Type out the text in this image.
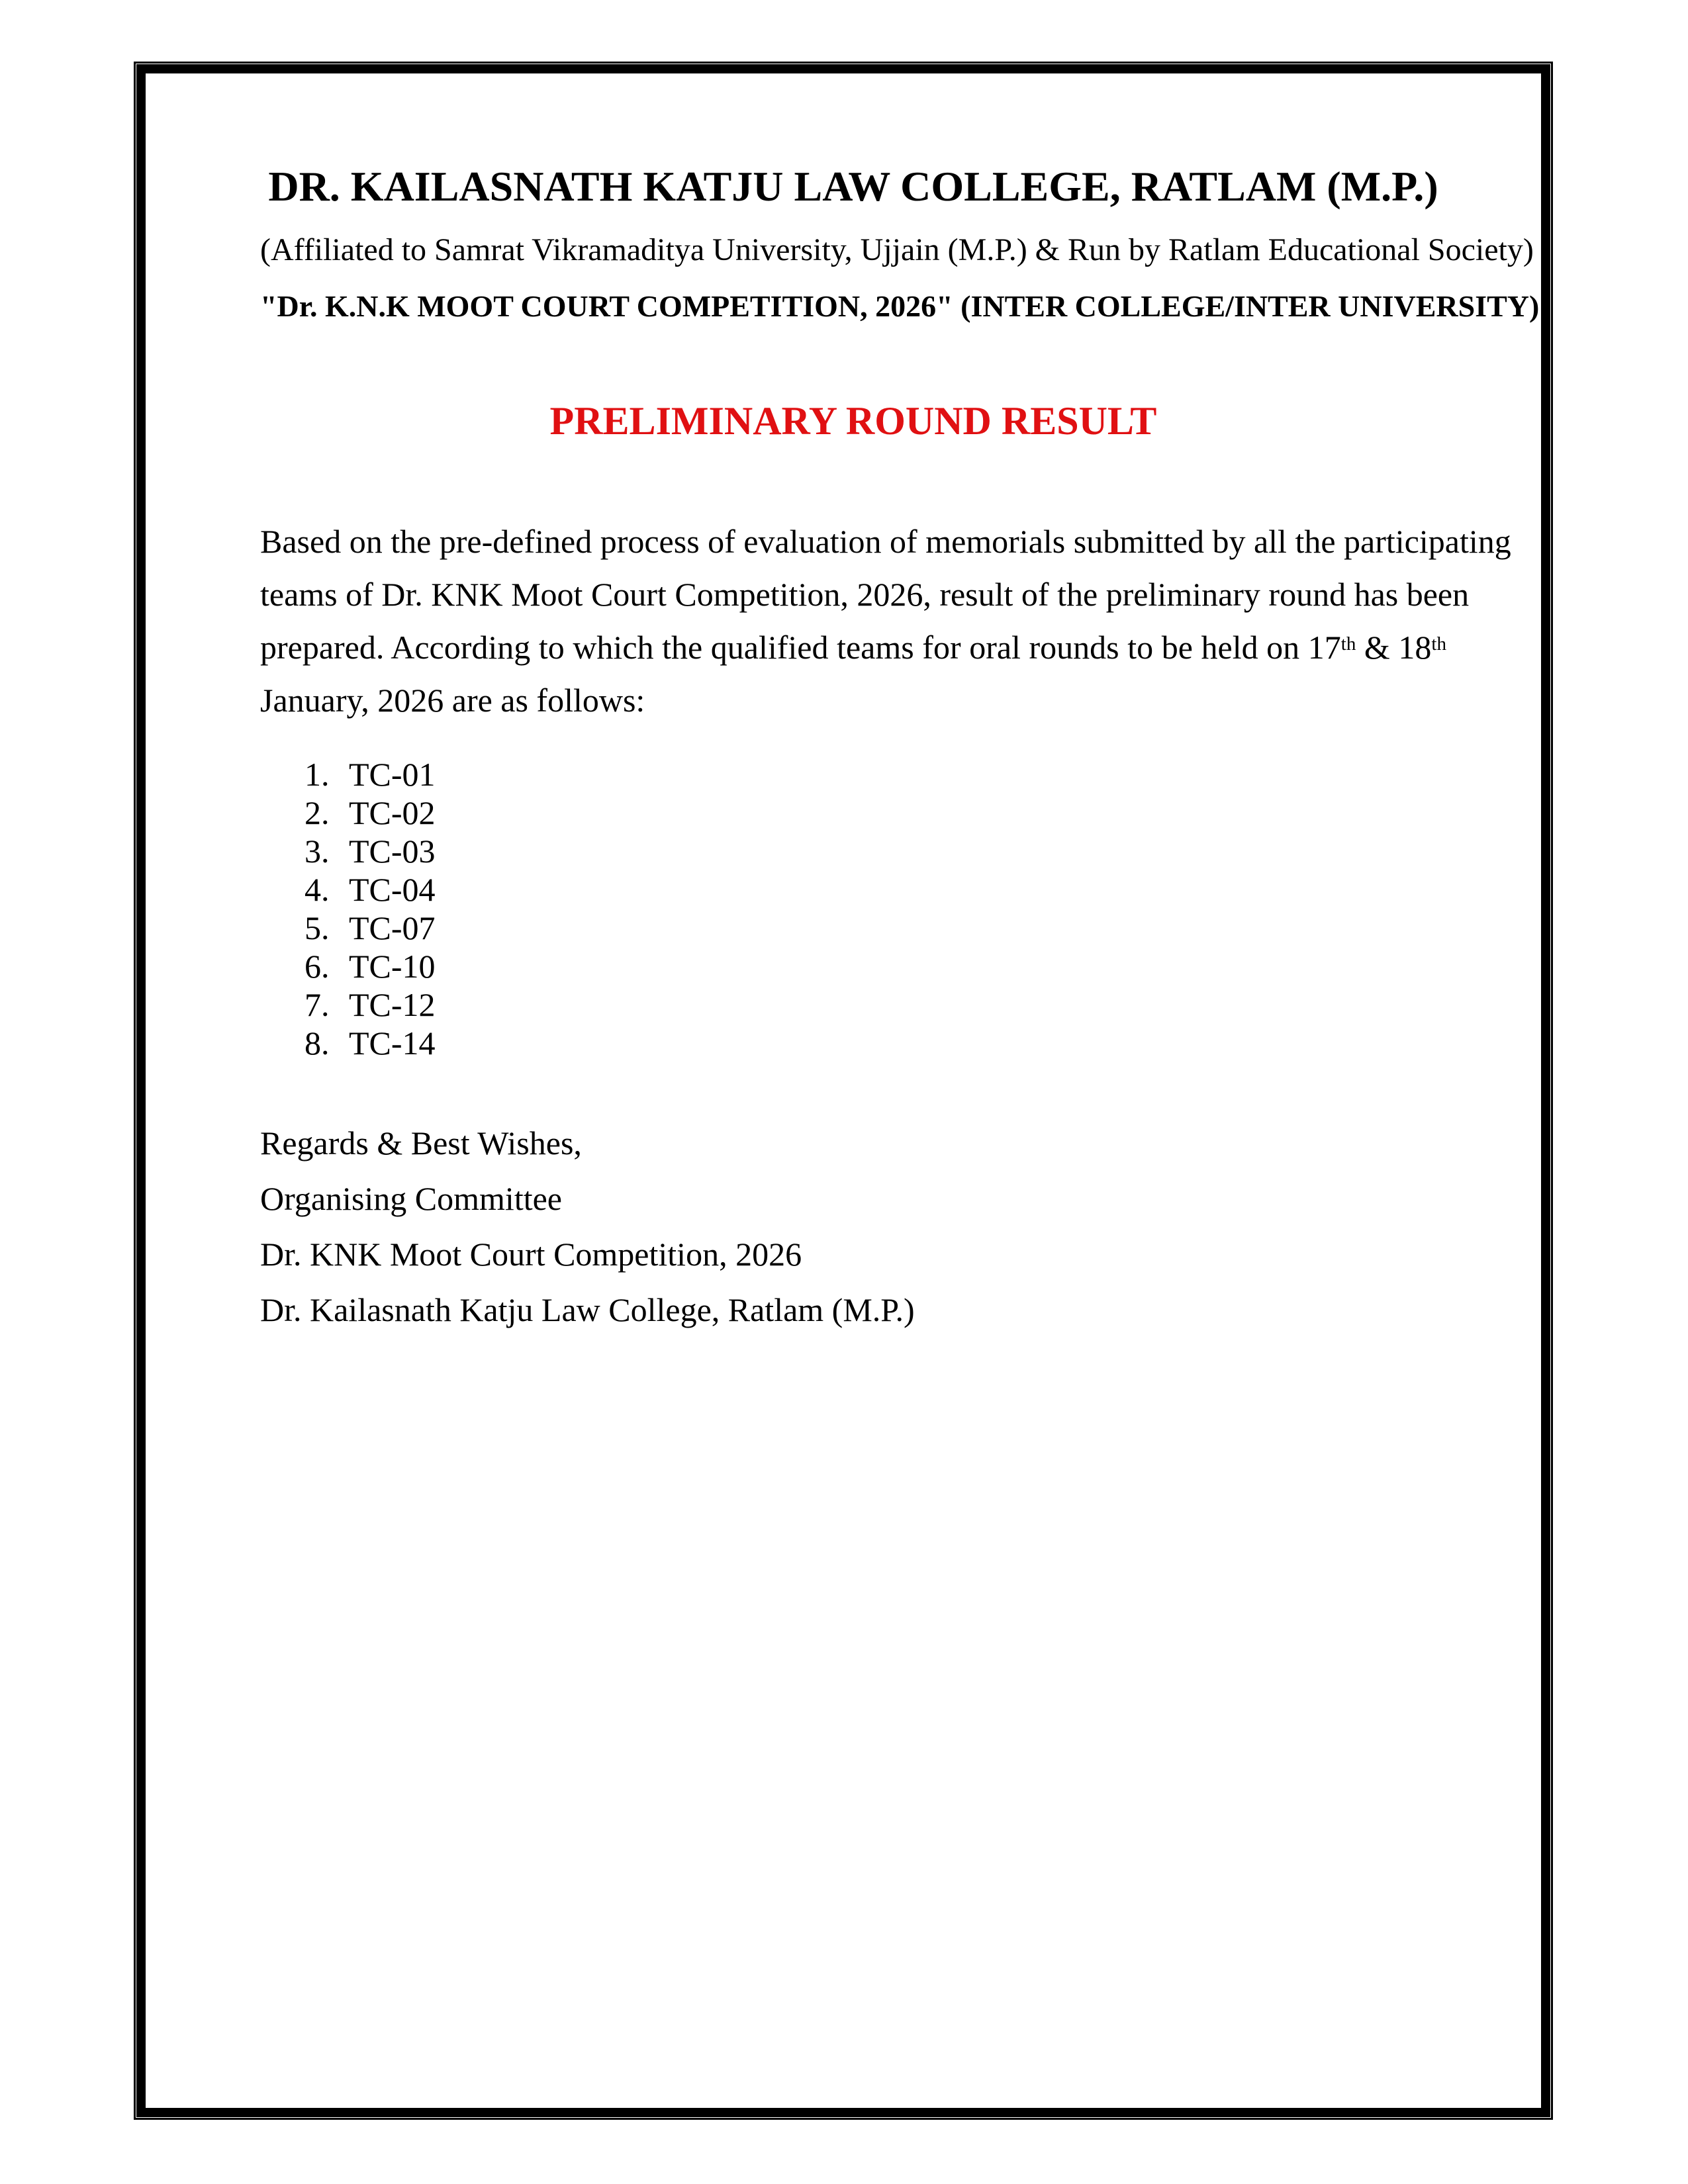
DR. KAILASNATH KATJU LAW COLLEGE, RATLAM (M.P.)
(Affiliated to Samrat Vikramaditya University, Ujjain (M.P.) & Run by Ratlam Educational Society)
"Dr. K.N.K MOOT COURT COMPETITION, 2026" (INTER COLLEGE/INTER UNIVERSITY)
PRELIMINARY ROUND RESULT
Based on the pre-defined process of evaluation of memorials submitted by all the participating
teams of Dr. KNK Moot Court Competition, 2026, result of the preliminary round has been
prepared. According to which the qualified teams for oral rounds to be held on 17th & 18th
January, 2026 are as follows:
1. TC-01
2. TC-02
3. TC-03
4. TC-04
5. TC-07
6. TC-10
7. TC-12
8. TC-14
Regards & Best Wishes,
Organising Committee
Dr. KNK Moot Court Competition, 2026
Dr. Kailasnath Katju Law College, Ratlam (M.P.)
